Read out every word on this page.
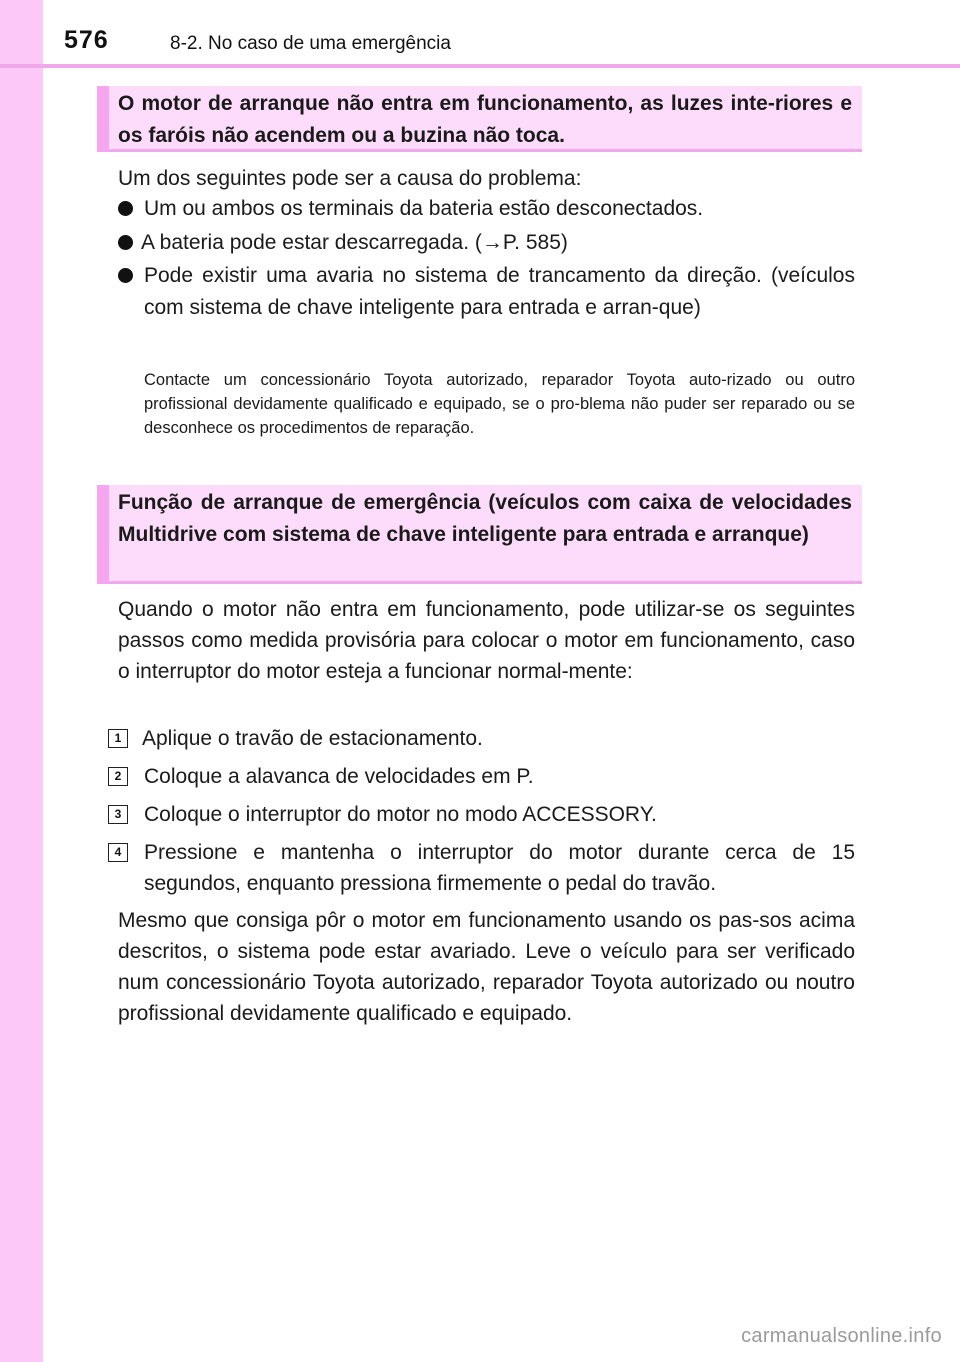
576	8-2. No caso de uma emergência

O motor de arranque não entra em funcionamento, as luzes inte-riores e os faróis não acendem ou a buzina não toca.

Um dos seguintes pode ser a causa do problema:

Um ou ambos os terminais da bateria estão desconectados.

A bateria pode estar descarregada. (→P. 585)

Pode existir uma avaria no sistema de trancamento da direção. (veículos com sistema de chave inteligente para entrada e arran-que)

Contacte um concessionário Toyota autorizado, reparador Toyota auto-rizado ou outro profissional devidamente qualificado e equipado, se o pro-blema não puder ser reparado ou se desconhece os procedimentos de reparação.

Função de arranque de emergência (veículos com caixa de velocidades Multidrive com sistema de chave inteligente para entrada e arranque)

Quando o motor não entra em funcionamento, pode utilizar-se os seguintes passos como medida provisória para colocar o motor em funcionamento, caso o interruptor do motor esteja a funcionar normal-mente:

1 Aplique o travão de estacionamento.

2	Coloque a alavanca de velocidades em P.

3	Coloque o interruptor do motor no modo ACCESSORY.

4	Pressione e mantenha o interruptor do motor durante cerca de 15 segundos, enquanto pressiona firmemente o pedal do travão.

Mesmo que consiga pôr o motor em funcionamento usando os pas-sos acima descritos, o sistema pode estar avariado. Leve o veículo para ser verificado num concessionário Toyota autorizado, reparador Toyota autorizado ou noutro profissional devidamente qualificado e equipado.

carmanualsonline.info
